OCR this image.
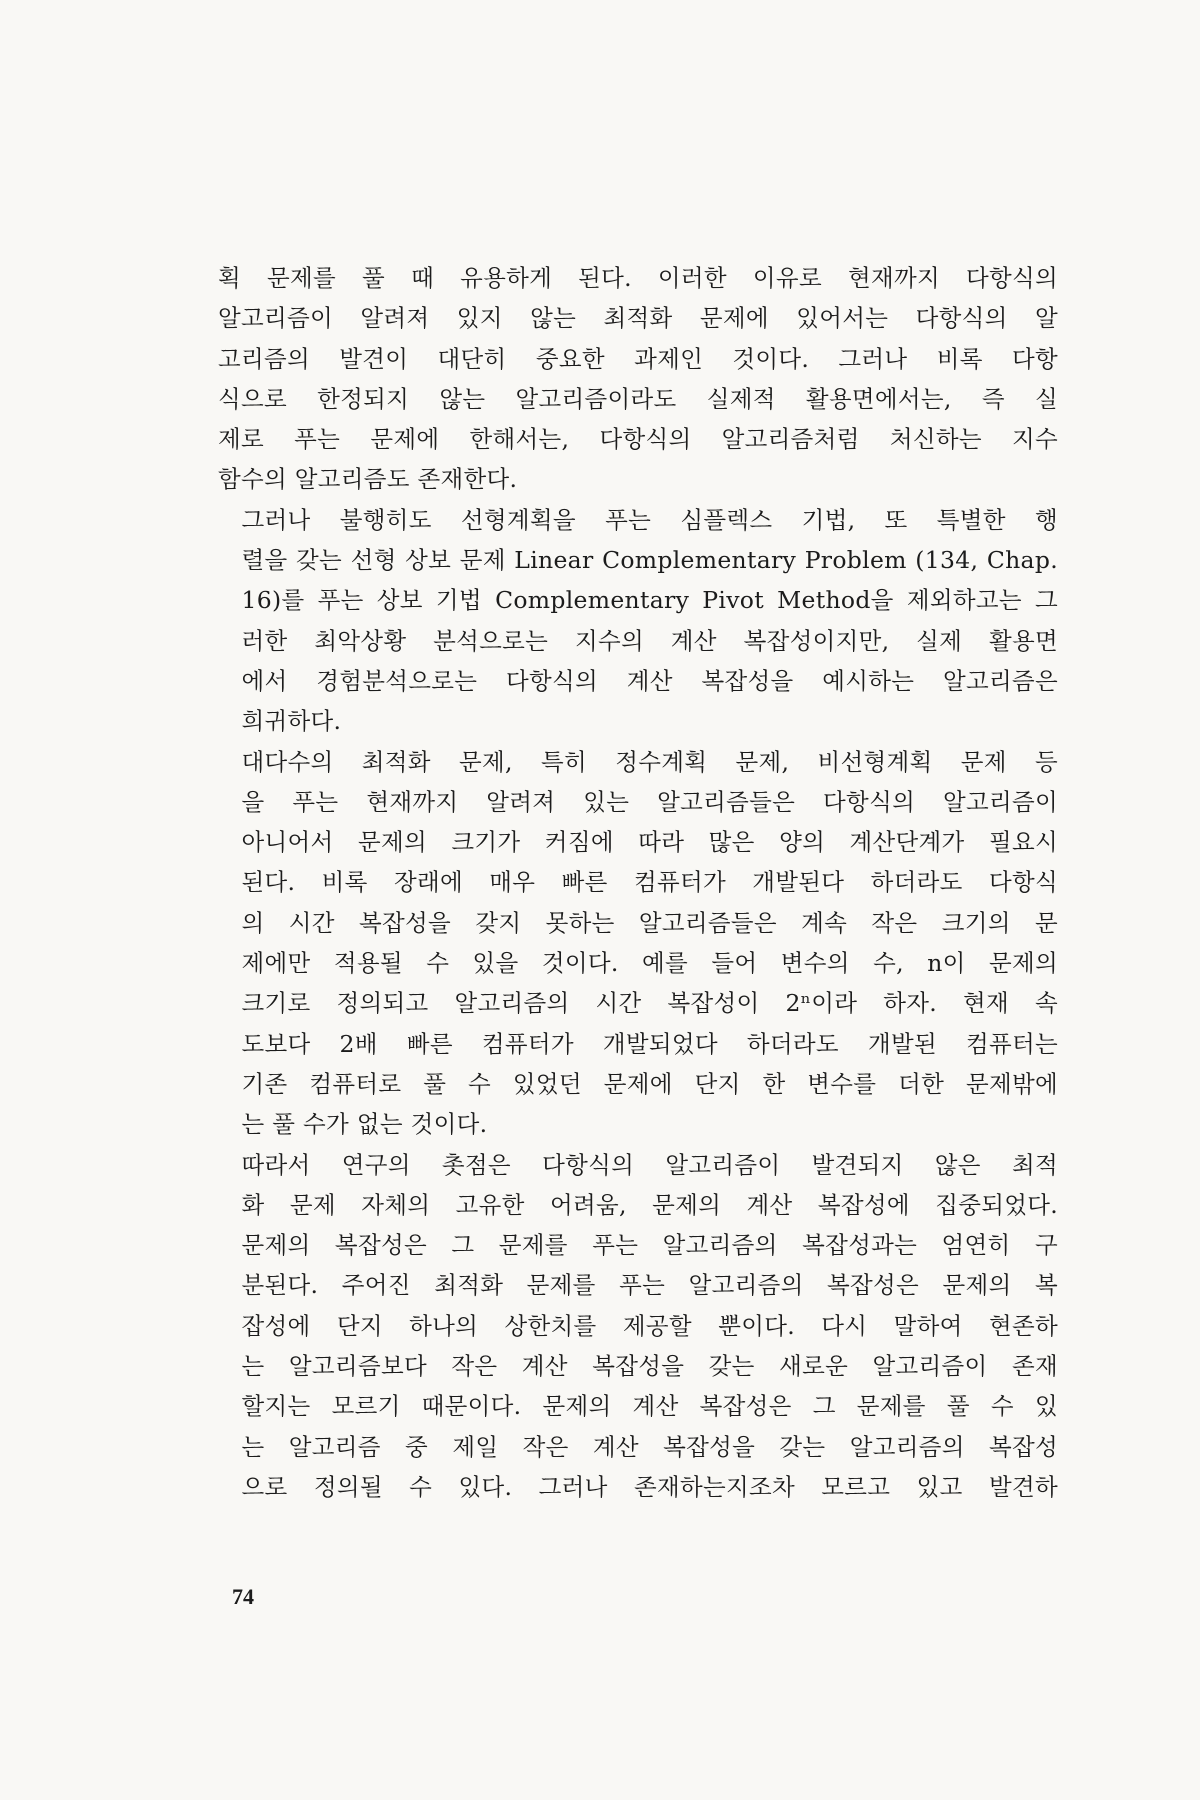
획 문제를 풀 때 유용하게 된다. 이러한 이유로 현재까지 다항식의
알고리즘이 알려져 있지 않는 최적화 문제에 있어서는 다항식의 알
고리즘의 발견이 대단히 중요한 과제인 것이다. 그러나 비록 다항
식으로 한정되지 않는 알고리즘이라도 실제적 활용면에서는, 즉 실
제로 푸는 문제에 한해서는, 다항식의 알고리즘처럼 처신하는 지수
함수의 알고리즘도 존재한다.
그러나 불행히도 선형계획을 푸는 심플렉스 기법, 또 특별한 행
렬을 갖는 선형 상보 문제 Linear Complementary Problem (134, Chap.
16)를 푸는 상보 기법 Complementary Pivot Method을 제외하고는 그
러한 최악상황 분석으로는 지수의 계산 복잡성이지만, 실제 활용면
에서 경험분석으로는 다항식의 계산 복잡성을 예시하는 알고리즘은
희귀하다.
대다수의 최적화 문제, 특히 정수계획 문제, 비선형계획 문제 등
을 푸는 현재까지 알려져 있는 알고리즘들은 다항식의 알고리즘이
아니어서 문제의 크기가 커짐에 따라 많은 양의 계산단계가 필요시
된다. 비록 장래에 매우 빠른 컴퓨터가 개발된다 하더라도 다항식
의 시간 복잡성을 갖지 못하는 알고리즘들은 계속 작은 크기의 문
제에만 적용될 수 있을 것이다. 예를 들어 변수의 수, n이 문제의
크기로 정의되고 알고리즘의 시간 복잡성이 2ⁿ이라 하자. 현재 속
도보다 2배 빠른 컴퓨터가 개발되었다 하더라도 개발된 컴퓨터는
기존 컴퓨터로 풀 수 있었던 문제에 단지 한 변수를 더한 문제밖에
는 풀 수가 없는 것이다.
따라서 연구의 촛점은 다항식의 알고리즘이 발견되지 않은 최적
화 문제 자체의 고유한 어려움, 문제의 계산 복잡성에 집중되었다.
문제의 복잡성은 그 문제를 푸는 알고리즘의 복잡성과는 엄연히 구
분된다. 주어진 최적화 문제를 푸는 알고리즘의 복잡성은 문제의 복
잡성에 단지 하나의 상한치를 제공할 뿐이다. 다시 말하여 현존하
는 알고리즘보다 작은 계산 복잡성을 갖는 새로운 알고리즘이 존재
할지는 모르기 때문이다. 문제의 계산 복잡성은 그 문제를 풀 수 있
는 알고리즘 중 제일 작은 계산 복잡성을 갖는 알고리즘의 복잡성
으로 정의될 수 있다. 그러나 존재하는지조차 모르고 있고 발견하
74
